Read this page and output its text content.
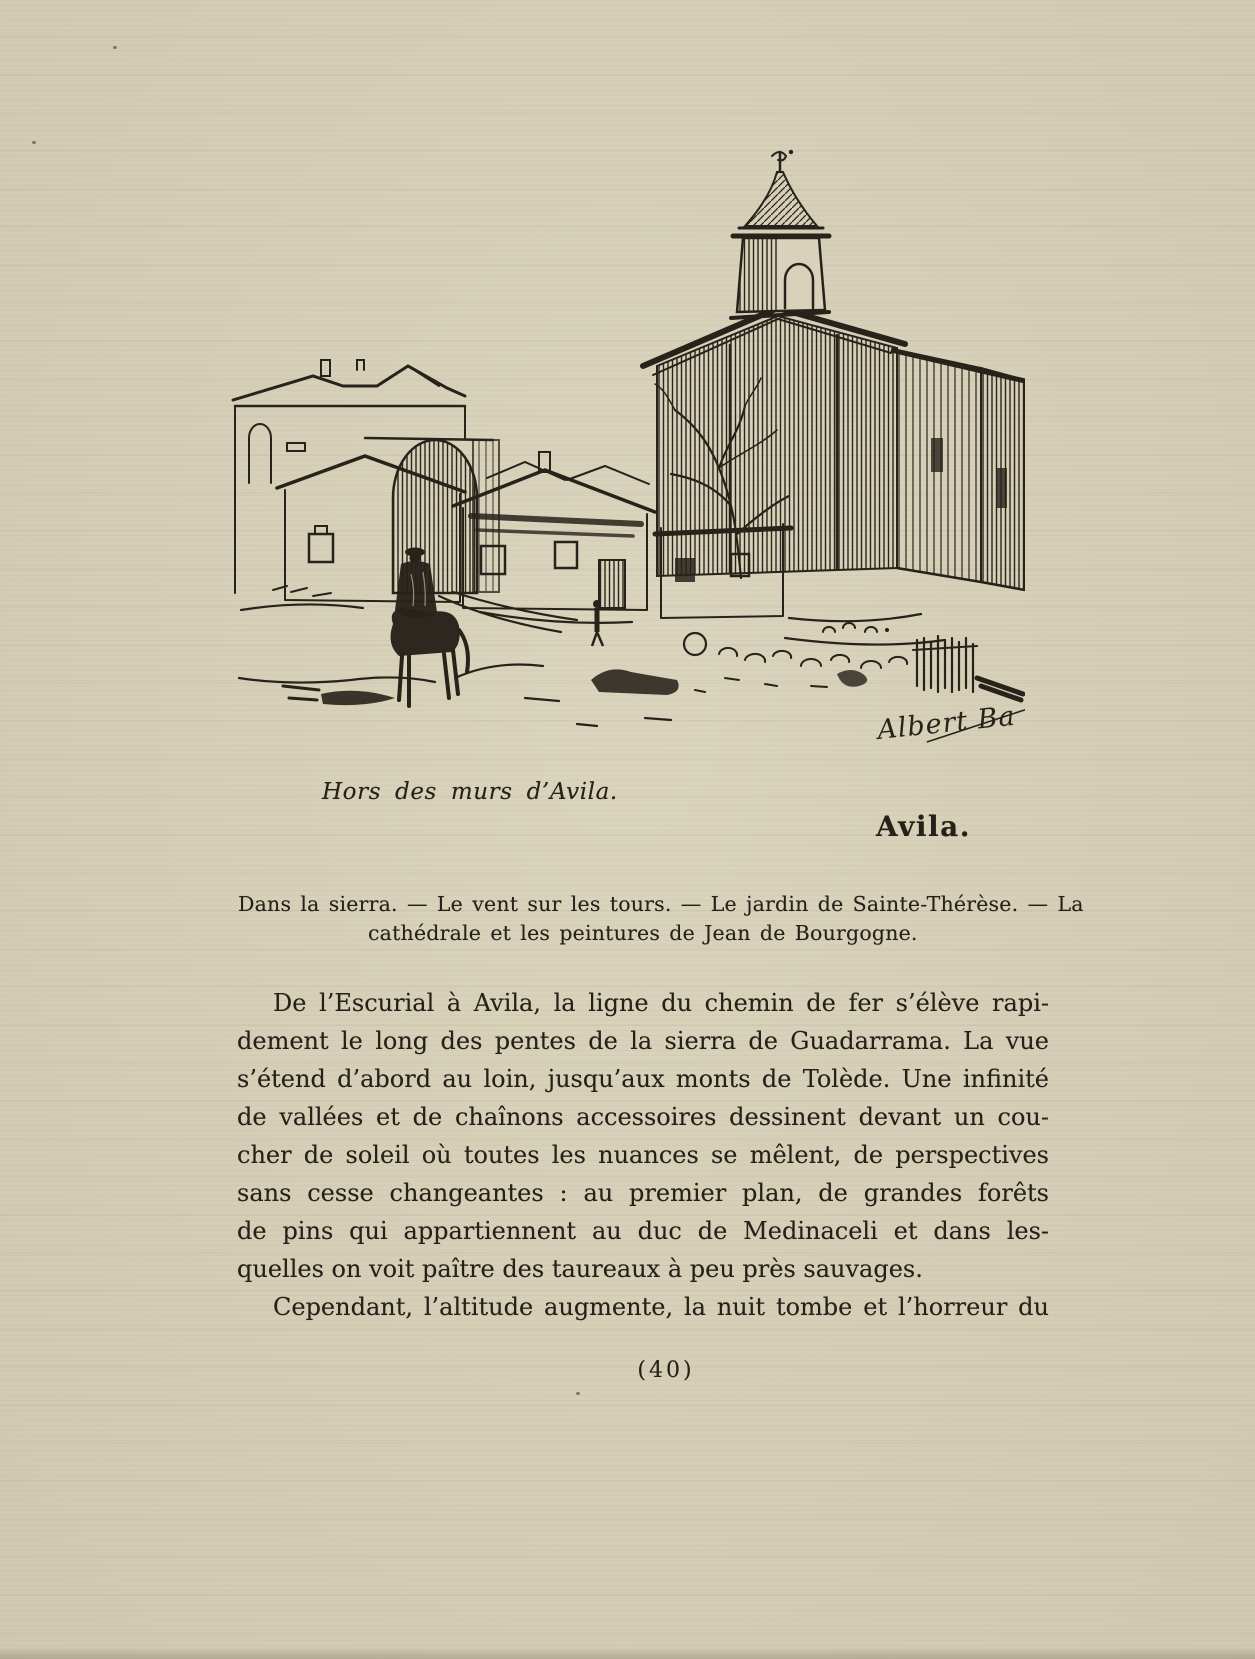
Albert Ba
Hors des murs d’Avila.
Avila.
Dans la sierra. — Le vent sur les tours. — Le jardin de Sainte-Thérèse. — La
cathédrale et les peintures de Jean de Bourgogne.
De l’Escurial à Avila, la ligne du chemin de fer s’élève rapi-
dement le long des pentes de la sierra de Guadarrama. La vue
s’étend d’abord au loin, jusqu’aux monts de Tolède. Une infinité
de vallées et de chaînons accessoires dessinent devant un cou-
cher de soleil où toutes les nuances se mêlent, de perspectives
sans cesse changeantes : au premier plan, de grandes forêts
de pins qui appartiennent au duc de Medinaceli et dans les-
quelles on voit paître des taureaux à peu près sauvages.
Cependant, l’altitude augmente, la nuit tombe et l’horreur du
(40)
